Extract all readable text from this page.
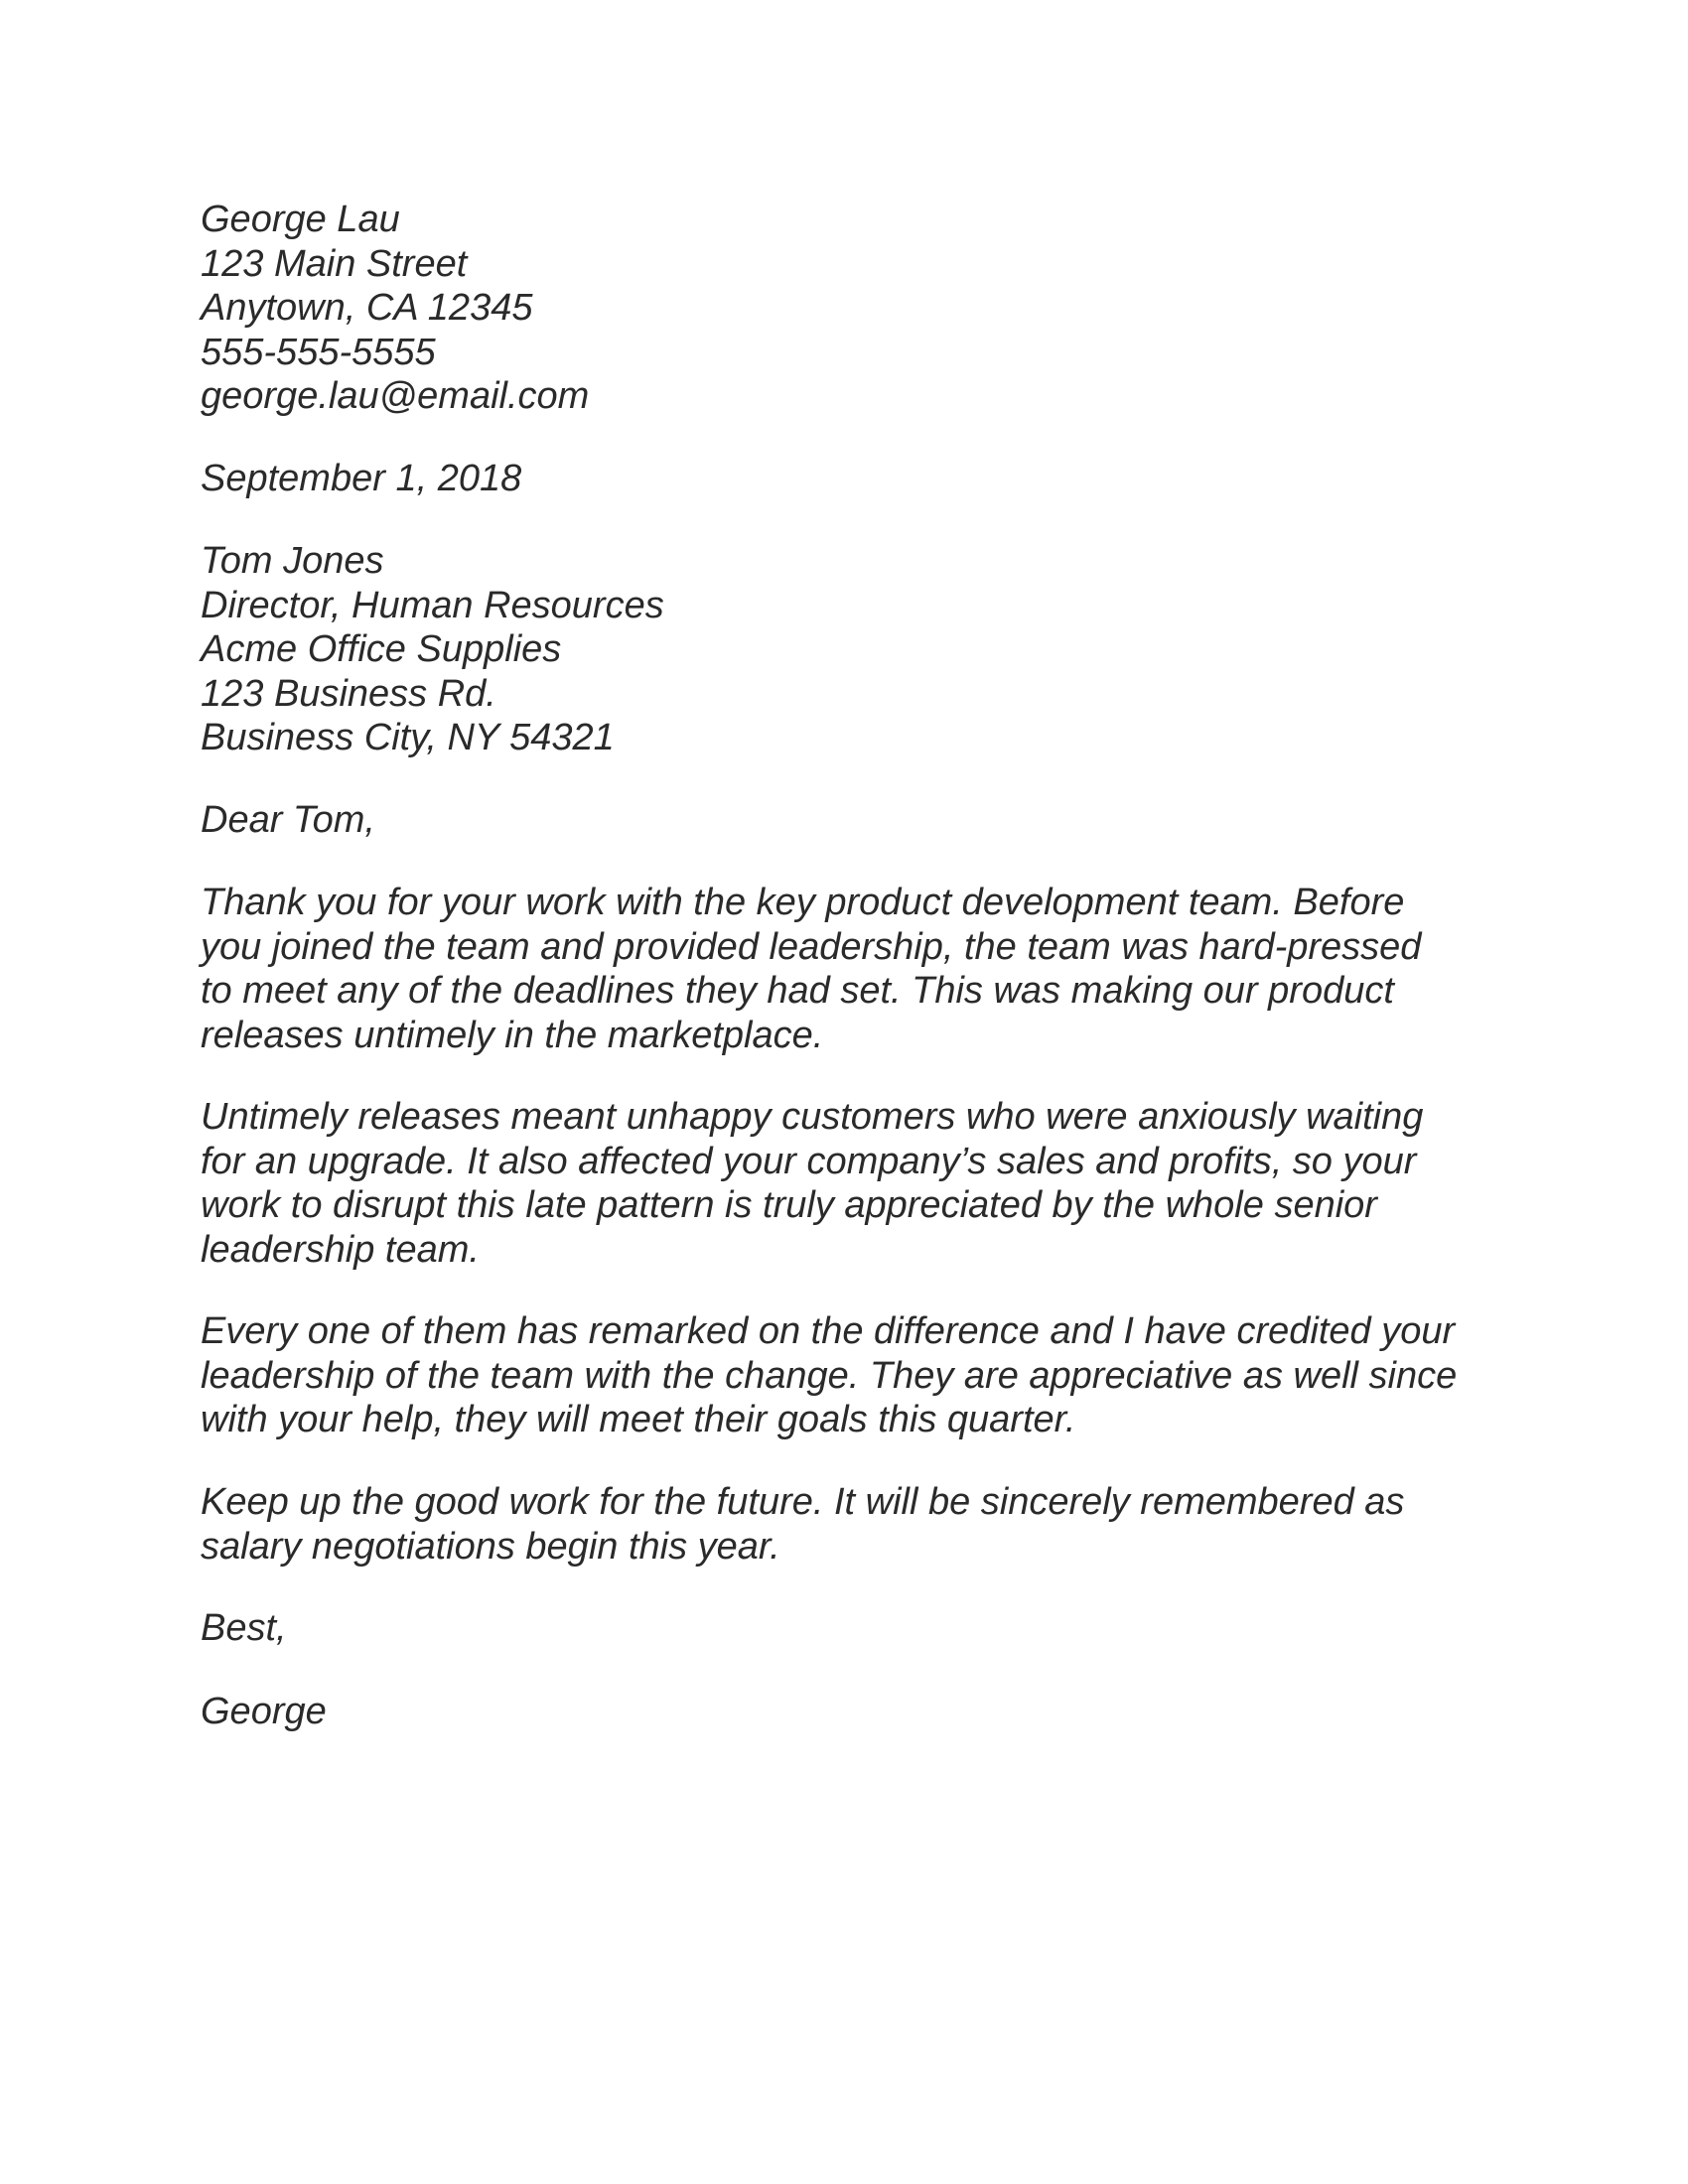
George Lau
123 Main Street
Anytown, CA 12345
555-555-5555
george.lau@email.com
September 1, 2018
Tom Jones
Director, Human Resources
Acme Office Supplies
123 Business Rd.
Business City, NY 54321
Dear Tom,
Thank you for your work with the key product development team. Before
you joined the team and provided leadership, the team was hard-pressed
to meet any of the deadlines they had set. This was making our product
releases untimely in the marketplace.
Untimely releases meant unhappy customers who were anxiously waiting
for an upgrade. It also affected your company’s sales and profits, so your
work to disrupt this late pattern is truly appreciated by the whole senior
leadership team.
Every one of them has remarked on the difference and I have credited your
leadership of the team with the change. They are appreciative as well since
with your help, they will meet their goals this quarter.
Keep up the good work for the future. It will be sincerely remembered as
salary negotiations begin this year.
Best,
George
